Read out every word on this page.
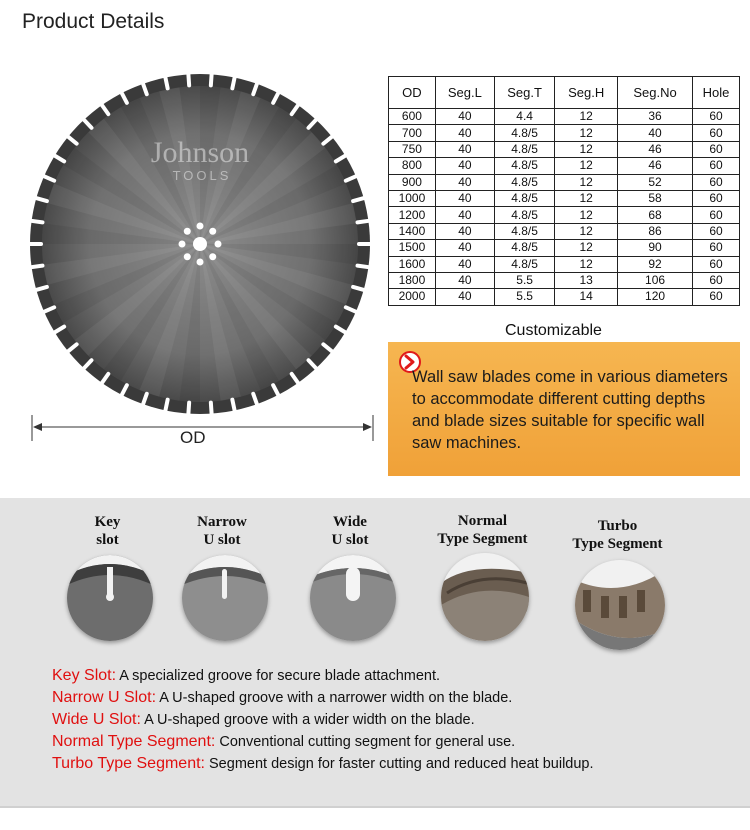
Product Details
Johnson
TOOLS
OD
OD	Seg.L	Seg.T	Seg.H	Seg.No	Hole
600	40	4.4	12	36	60
700	40	4.8/5	12	40	60
750	40	4.8/5	12	46	60
800	40	4.8/5	12	46	60
900	40	4.8/5	12	52	60
1000	40	4.8/5	12	58	60
1200	40	4.8/5	12	68	60
1400	40	4.8/5	12	86	60
1500	40	4.8/5	12	90	60
1600	40	4.8/5	12	92	60
1800	40	5.5	13	106	60
2000	40	5.5	14	120	60
Customizable
Wall saw blades come in various diameters to accommodate different cutting depths and blade sizes suitable for specific wall saw machines.
Key
slot
Narrow
U slot
Wide
U slot
Normal
Type Segment
Turbo
Type Segment
Key Slot: A specialized groove for secure blade attachment.
Narrow U Slot: A U-shaped groove with a narrower width on the blade.
Wide U Slot: A U-shaped groove with a wider width on the blade.
Normal Type Segment: Conventional cutting segment for general use.
Turbo Type Segment: Segment design for faster cutting and reduced heat buildup.
